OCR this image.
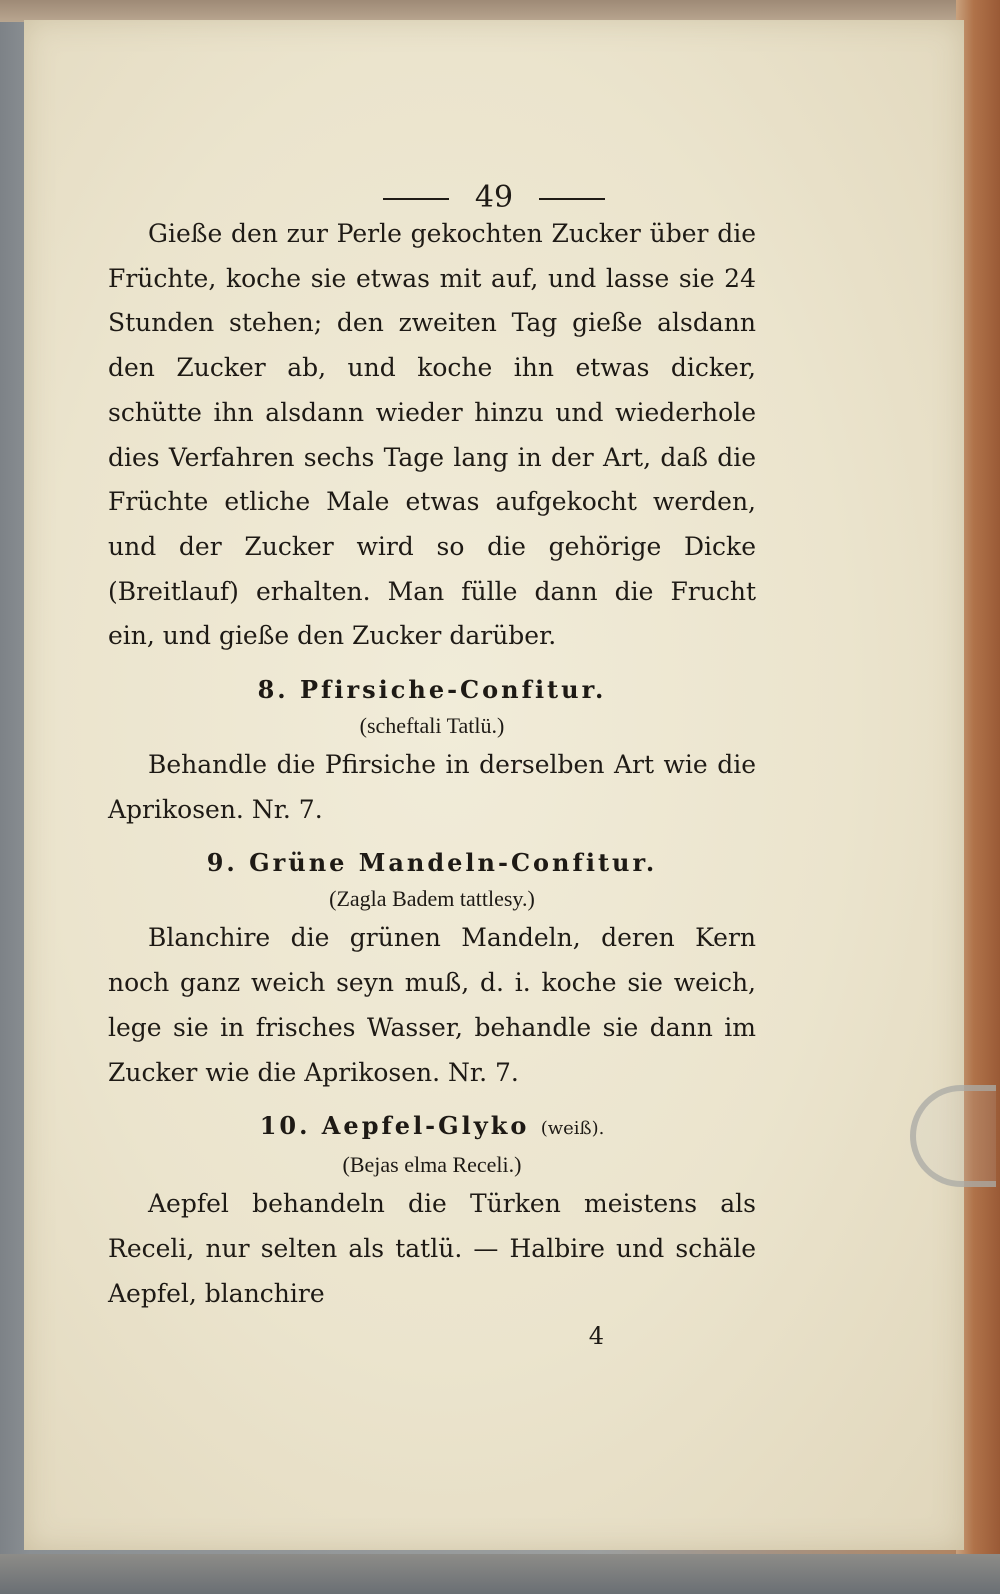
49

Gieße den zur Perle gekochten Zucker über die Früchte, koche sie etwas mit auf, und lasse sie 24 Stunden stehen; den zweiten Tag gieße alsdann den Zucker ab, und koche ihn etwas dicker, schütte ihn alsdann wieder hinzu und wiederhole dies Verfahren sechs Tage lang in der Art, daß die Früchte etliche Male etwas aufgekocht werden, und der Zucker wird so die gehörige Dicke (Breitlauf) erhalten. Man fülle dann die Frucht ein, und gieße den Zucker darüber.

8. Pfirsiche-Confitur.
(scheftali Tatlü.)

Behandle die Pfirsiche in derselben Art wie die Aprikosen. Nr. 7.

9. Grüne Mandeln-Confitur.
(Zagla Badem tattlesy.)

Blanchire die grünen Mandeln, deren Kern noch ganz weich seyn muß, d. i. koche sie weich, lege sie in frisches Wasser, behandle sie dann im Zucker wie die Aprikosen. Nr. 7.

10. Aepfel-Glyko (weiß).
(Bejas elma Receli.)

Aepfel behandeln die Türken meistens als Receli, nur selten als tatlü. — Halbire und schäle Aepfel, blanchire

4
